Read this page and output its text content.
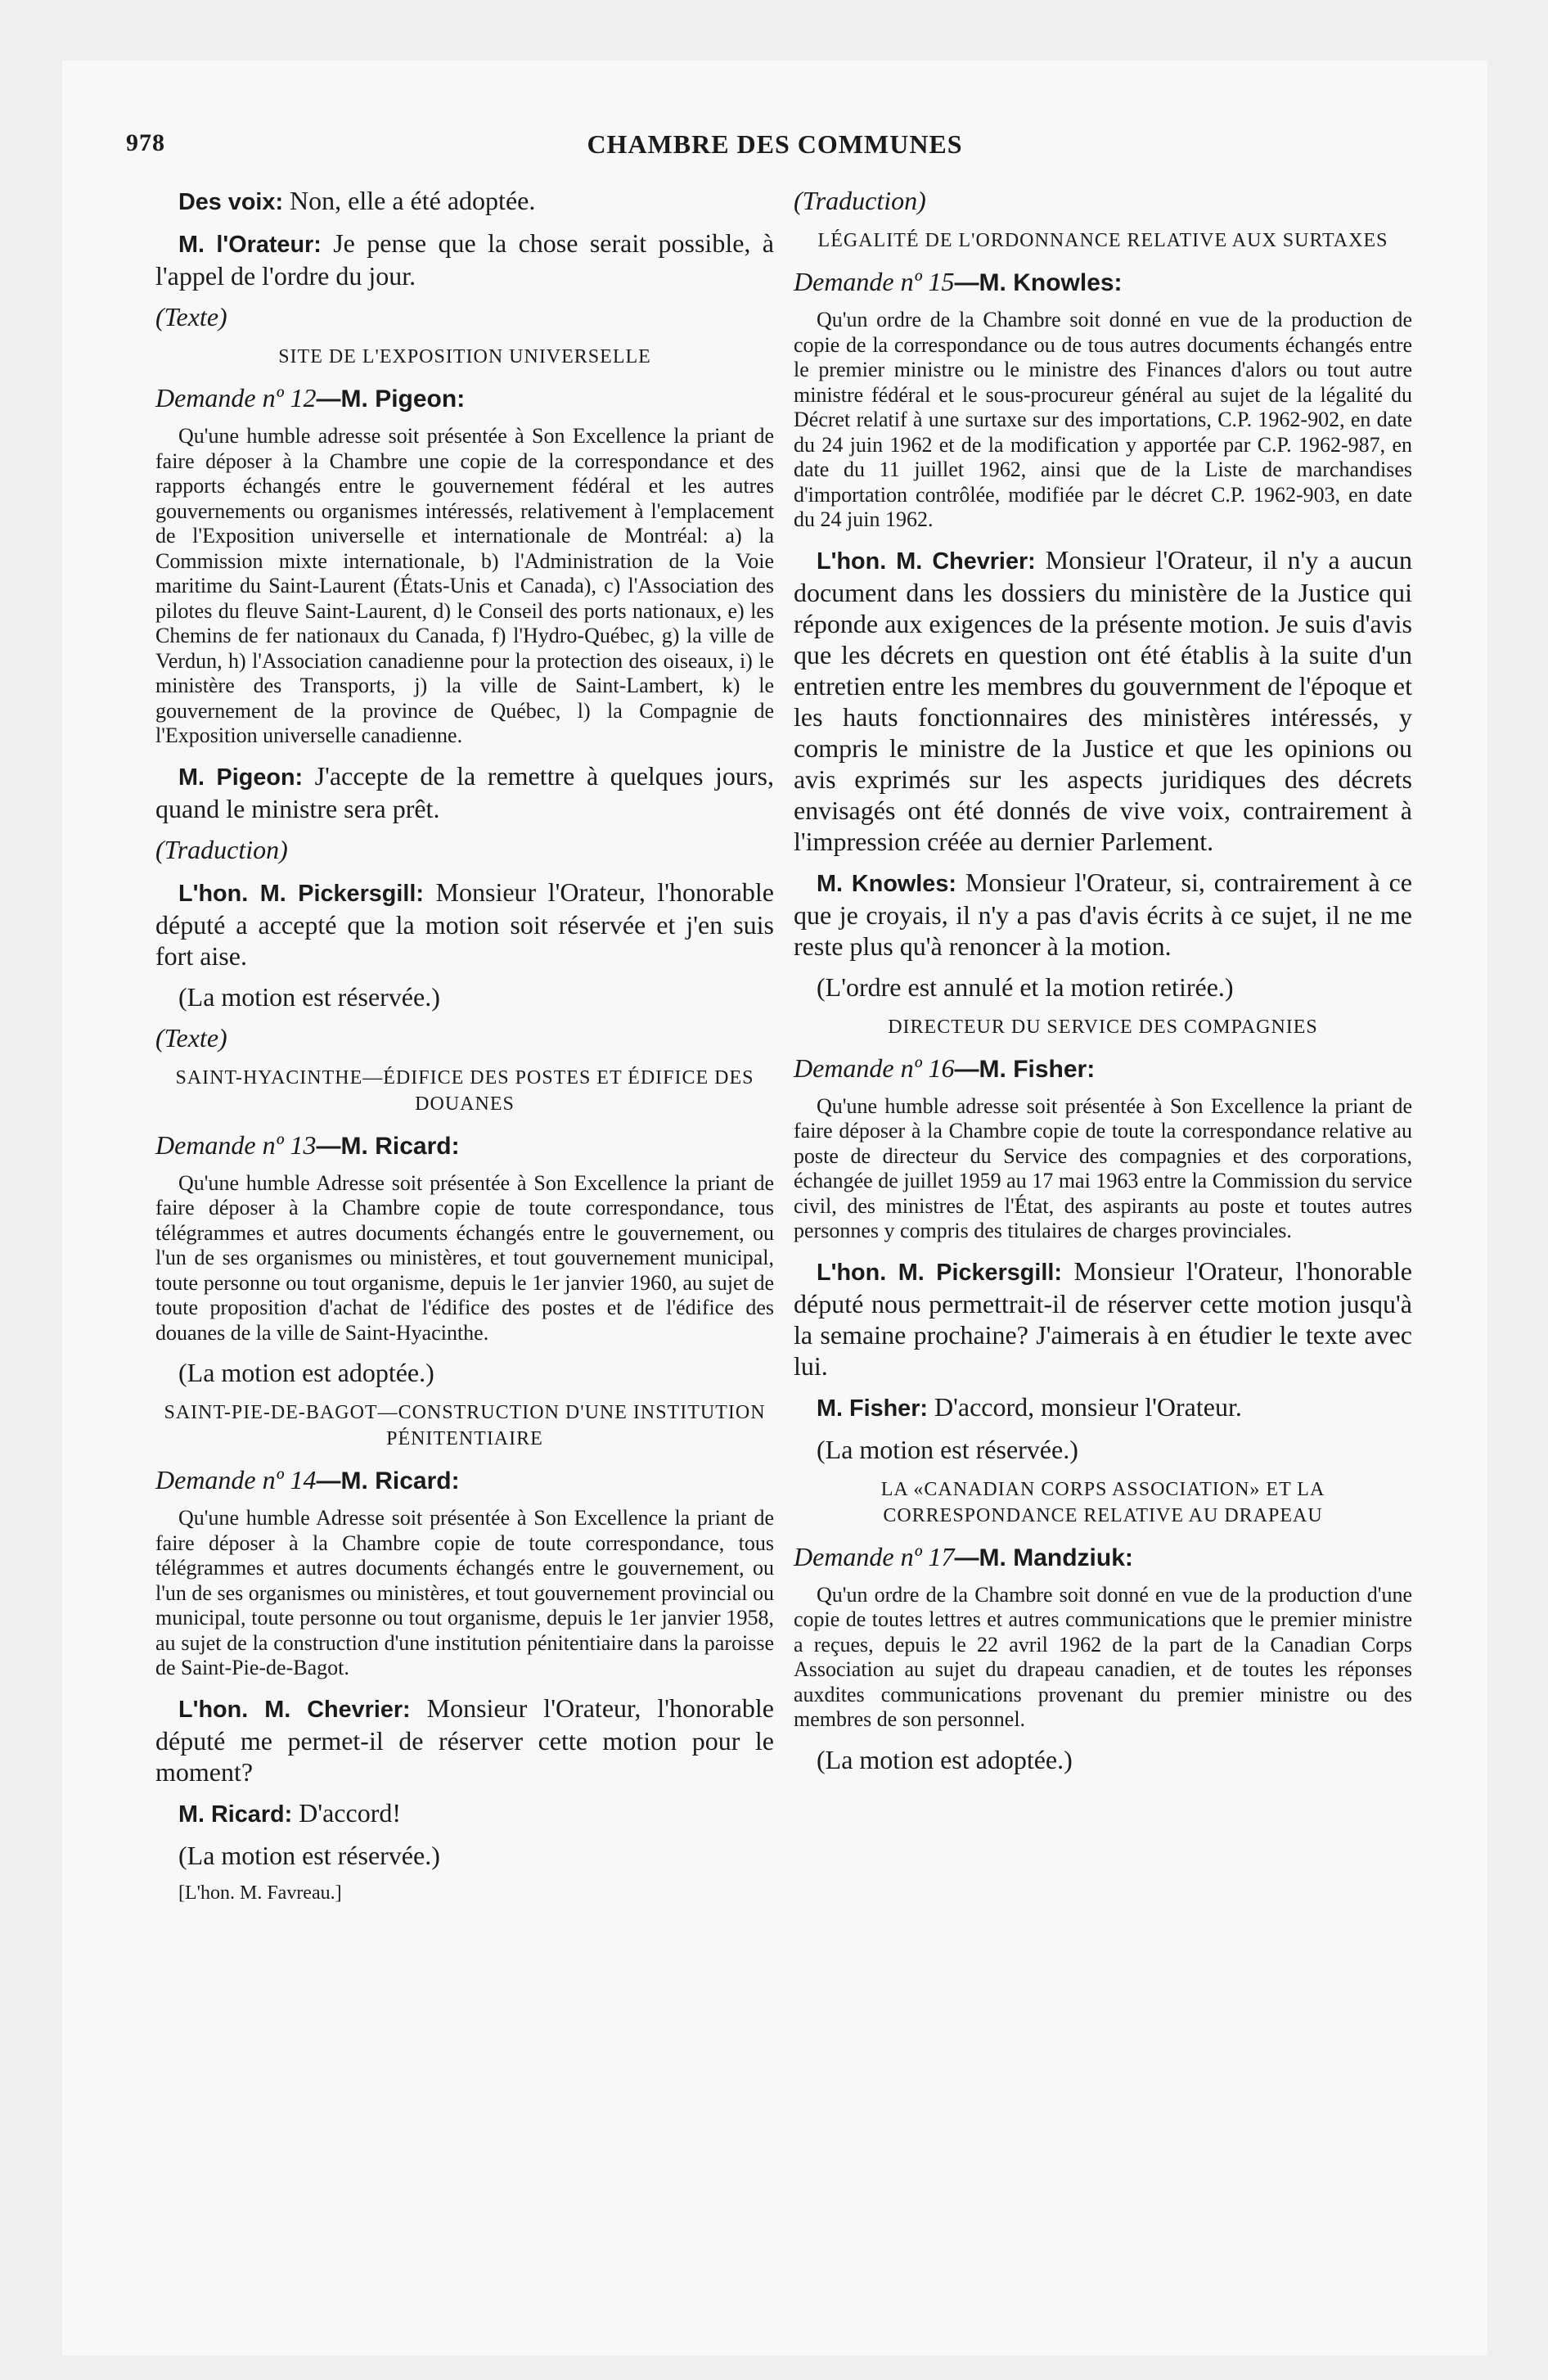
978	CHAMBRE DES COMMUNES

Des voix: Non, elle a été adoptée.

M. l'Orateur: Je pense que la chose serait possible, à l'appel de l'ordre du jour.

(Texte)
SITE DE L'EXPOSITION UNIVERSELLE
Demande nº 12—M. Pigeon:

Qu'une humble adresse soit présentée à Son Excellence la priant de faire déposer à la Chambre une copie de la correspondance et des rapports échangés entre le gouvernement fédéral et les autres gouvernements ou organismes intéressés, relativement à l'emplacement de l'Exposition universelle et internationale de Montréal: a) la Commission mixte internationale, b) l'Administration de la Voie maritime du Saint-Laurent (États-Unis et Canada), c) l'Association des pilotes du fleuve Saint-Laurent, d) le Conseil des ports nationaux, e) les Chemins de fer nationaux du Canada, f) l'Hydro-Québec, g) la ville de Verdun, h) l'Association canadienne pour la protection des oiseaux, i) le ministère des Transports, j) la ville de Saint-Lambert, k) le gouvernement de la province de Québec, l) la Compagnie de l'Exposition universelle canadienne.

M. Pigeon: J'accepte de la remettre à quelques jours, quand le ministre sera prêt.

(Traduction)

L'hon. M. Pickersgill: Monsieur l'Orateur, l'honorable député a accepté que la motion soit réservée et j'en suis fort aise.

(La motion est réservée.)

(Texte)
SAINT-HYACINTHE—ÉDIFICE DES POSTES ET ÉDIFICE DES DOUANES
Demande nº 13—M. Ricard:

Qu'une humble Adresse soit présentée à Son Excellence la priant de faire déposer à la Chambre copie de toute correspondance, tous télégrammes et autres documents échangés entre le gouvernement, ou l'un de ses organismes ou ministères, et tout gouvernement municipal, toute personne ou tout organisme, depuis le 1er janvier 1960, au sujet de toute proposition d'achat de l'édifice des postes et de l'édifice des douanes de la ville de Saint-Hyacinthe.

(La motion est adoptée.)

SAINT-PIE-DE-BAGOT—CONSTRUCTION D'UNE INSTITUTION PÉNITENTIAIRE
Demande nº 14—M. Ricard:

Qu'une humble Adresse soit présentée à Son Excellence la priant de faire déposer à la Chambre copie de toute correspondance, tous télégrammes et autres documents échangés entre le gouvernement, ou l'un de ses organismes ou ministères, et tout gouvernement provincial ou municipal, toute personne ou tout organisme, depuis le 1er janvier 1958, au sujet de la construction d'une institution pénitentiaire dans la paroisse de Saint-Pie-de-Bagot.

L'hon. M. Chevrier: Monsieur l'Orateur, l'honorable député me permet-il de réserver cette motion pour le moment?

M. Ricard: D'accord!

(La motion est réservée.)

[L'hon. M. Favreau.]

(Traduction)
LÉGALITÉ DE L'ORDONNANCE RELATIVE AUX SURTAXES
Demande nº 15—M. Knowles:

Qu'un ordre de la Chambre soit donné en vue de la production de copie de la correspondance ou de tous autres documents échangés entre le premier ministre ou le ministre des Finances d'alors ou tout autre ministre fédéral et le sous-procureur général au sujet de la légalité du Décret relatif à une surtaxe sur des importations, C.P. 1962-902, en date du 24 juin 1962 et de la modification y apportée par C.P. 1962-987, en date du 11 juillet 1962, ainsi que de la Liste de marchandises d'importation contrôlée, modifiée par le décret C.P. 1962-903, en date du 24 juin 1962.

L'hon. M. Chevrier: Monsieur l'Orateur, il n'y a aucun document dans les dossiers du ministère de la Justice qui réponde aux exigences de la présente motion. Je suis d'avis que les décrets en question ont été établis à la suite d'un entretien entre les membres du gouvernment de l'époque et les hauts fonctionnaires des ministères intéressés, y compris le ministre de la Justice et que les opinions ou avis exprimés sur les aspects juridiques des décrets envisagés ont été donnés de vive voix, contrairement à l'impression créée au dernier Parlement.

M. Knowles: Monsieur l'Orateur, si, contrairement à ce que je croyais, il n'y a pas d'avis écrits à ce sujet, il ne me reste plus qu'à renoncer à la motion.

(L'ordre est annulé et la motion retirée.)

DIRECTEUR DU SERVICE DES COMPAGNIES
Demande nº 16—M. Fisher:

Qu'une humble adresse soit présentée à Son Excellence la priant de faire déposer à la Chambre copie de toute la correspondance relative au poste de directeur du Service des compagnies et des corporations, échangée de juillet 1959 au 17 mai 1963 entre la Commission du service civil, des ministres de l'État, des aspirants au poste et toutes autres personnes y compris des titulaires de charges provinciales.

L'hon. M. Pickersgill: Monsieur l'Orateur, l'honorable député nous permettrait-il de réserver cette motion jusqu'à la semaine prochaine? J'aimerais à en étudier le texte avec lui.

M. Fisher: D'accord, monsieur l'Orateur.

(La motion est réservée.)

LA «CANADIAN CORPS ASSOCIATION» ET LA CORRESPONDANCE RELATIVE AU DRAPEAU
Demande nº 17—M. Mandziuk:

Qu'un ordre de la Chambre soit donné en vue de la production d'une copie de toutes lettres et autres communications que le premier ministre a reçues, depuis le 22 avril 1962 de la part de la Canadian Corps Association au sujet du drapeau canadien, et de toutes les réponses auxdites communications provenant du premier ministre ou des membres de son personnel.

(La motion est adoptée.)
